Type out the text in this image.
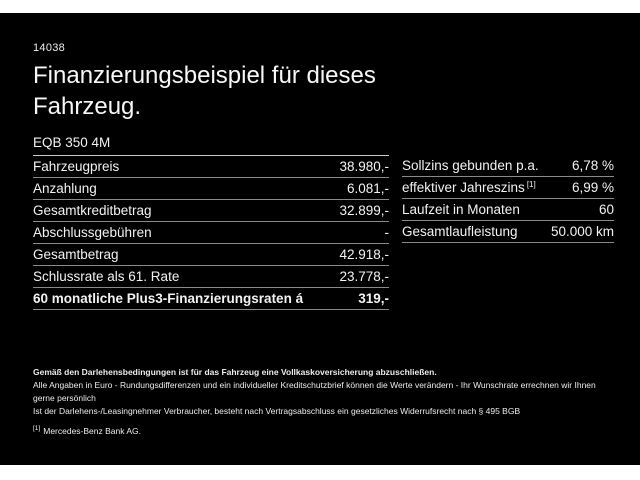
14038
Finanzierungsbeispiel für dieses Fahrzeug.
EQB 350 4M
Fahrzeugpreis	38.980,-
Anzahlung	6.081,-
Gesamtkreditbetrag	32.899,-
Abschlussgebühren	-
Gesamtbetrag	42.918,-
Schlussrate als 61. Rate	23.778,-
60 monatliche Plus3-Finanzierungsraten á	319,-
Sollzins gebunden p.a.	6,78 %
effektiver Jahreszins [1]	6,99 %
Laufzeit in Monaten	60
Gesamtlaufleistung	50.000 km
Gemäß den Darlehensbedingungen ist für das Fahrzeug eine Vollkaskoversicherung abzuschließen.
Alle Angaben in Euro - Rundungsdifferenzen und ein individueller Kreditschutzbrief können die Werte verändern - Ihr Wunschrate errechnen wir Ihnen gerne persönlich
Ist der Darlehens-/Leasingnehmer Verbraucher, besteht nach Vertragsabschluss ein gesetzliches Widerrufsrecht nach § 495 BGB
[1] Mercedes-Benz Bank AG.
